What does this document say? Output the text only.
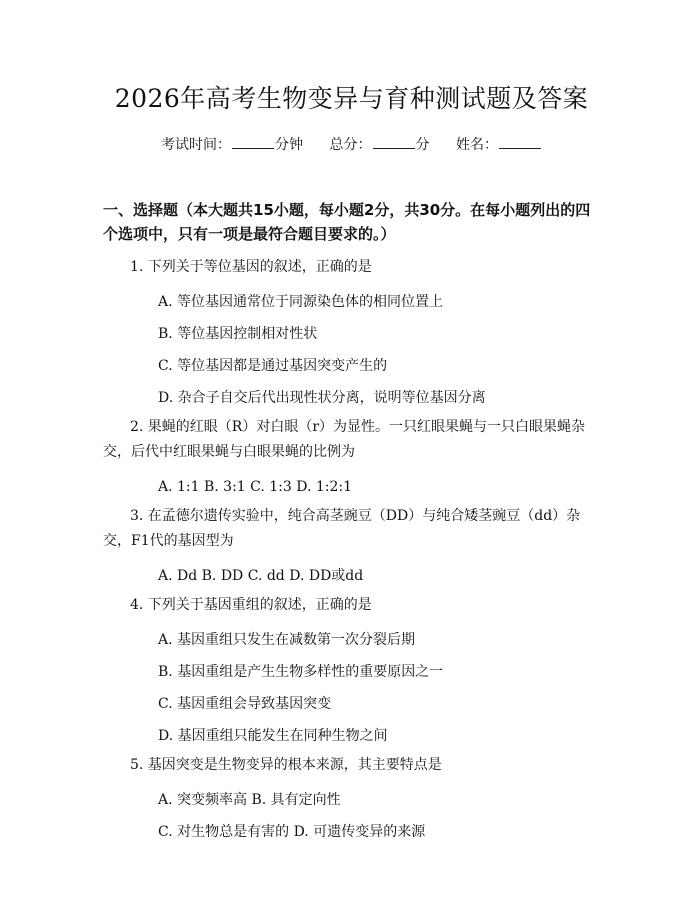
2026年高考生物变异与育种测试题及答案
考试时间：	分钟 总分：	分 姓名：
一、选择题（本大题共15小题，每小题2分，共30分。在每小题列出的四个选项中，只有一项是最符合题目要求的。）
1. 下列关于等位基因的叙述，正确的是
A. 等位基因通常位于同源染色体的相同位置上
B. 等位基因控制相对性状
C. 等位基因都是通过基因突变产生的
D. 杂合子自交后代出现性状分离，说明等位基因分离
2. 果蝇的红眼（R）对白眼（r）为显性。一只红眼果蝇与一只白眼果蝇杂交，后代中红眼果蝇与白眼果蝇的比例为
A. 1:1 B. 3:1 C. 1:3 D. 1:2:1
3. 在孟德尔遗传实验中，纯合高茎豌豆（DD）与纯合矮茎豌豆（dd）杂交，F1代的基因型为
A. Dd B. DD C. dd D. DD或dd
4. 下列关于基因重组的叙述，正确的是
A. 基因重组只发生在减数第一次分裂后期
B. 基因重组是产生生物多样性的重要原因之一
C. 基因重组会导致基因突变
D. 基因重组只能发生在同种生物之间
5. 基因突变是生物变异的根本来源，其主要特点是
A. 突变频率高 B. 具有定向性
C. 对生物总是有害的 D. 可遗传变异的来源
